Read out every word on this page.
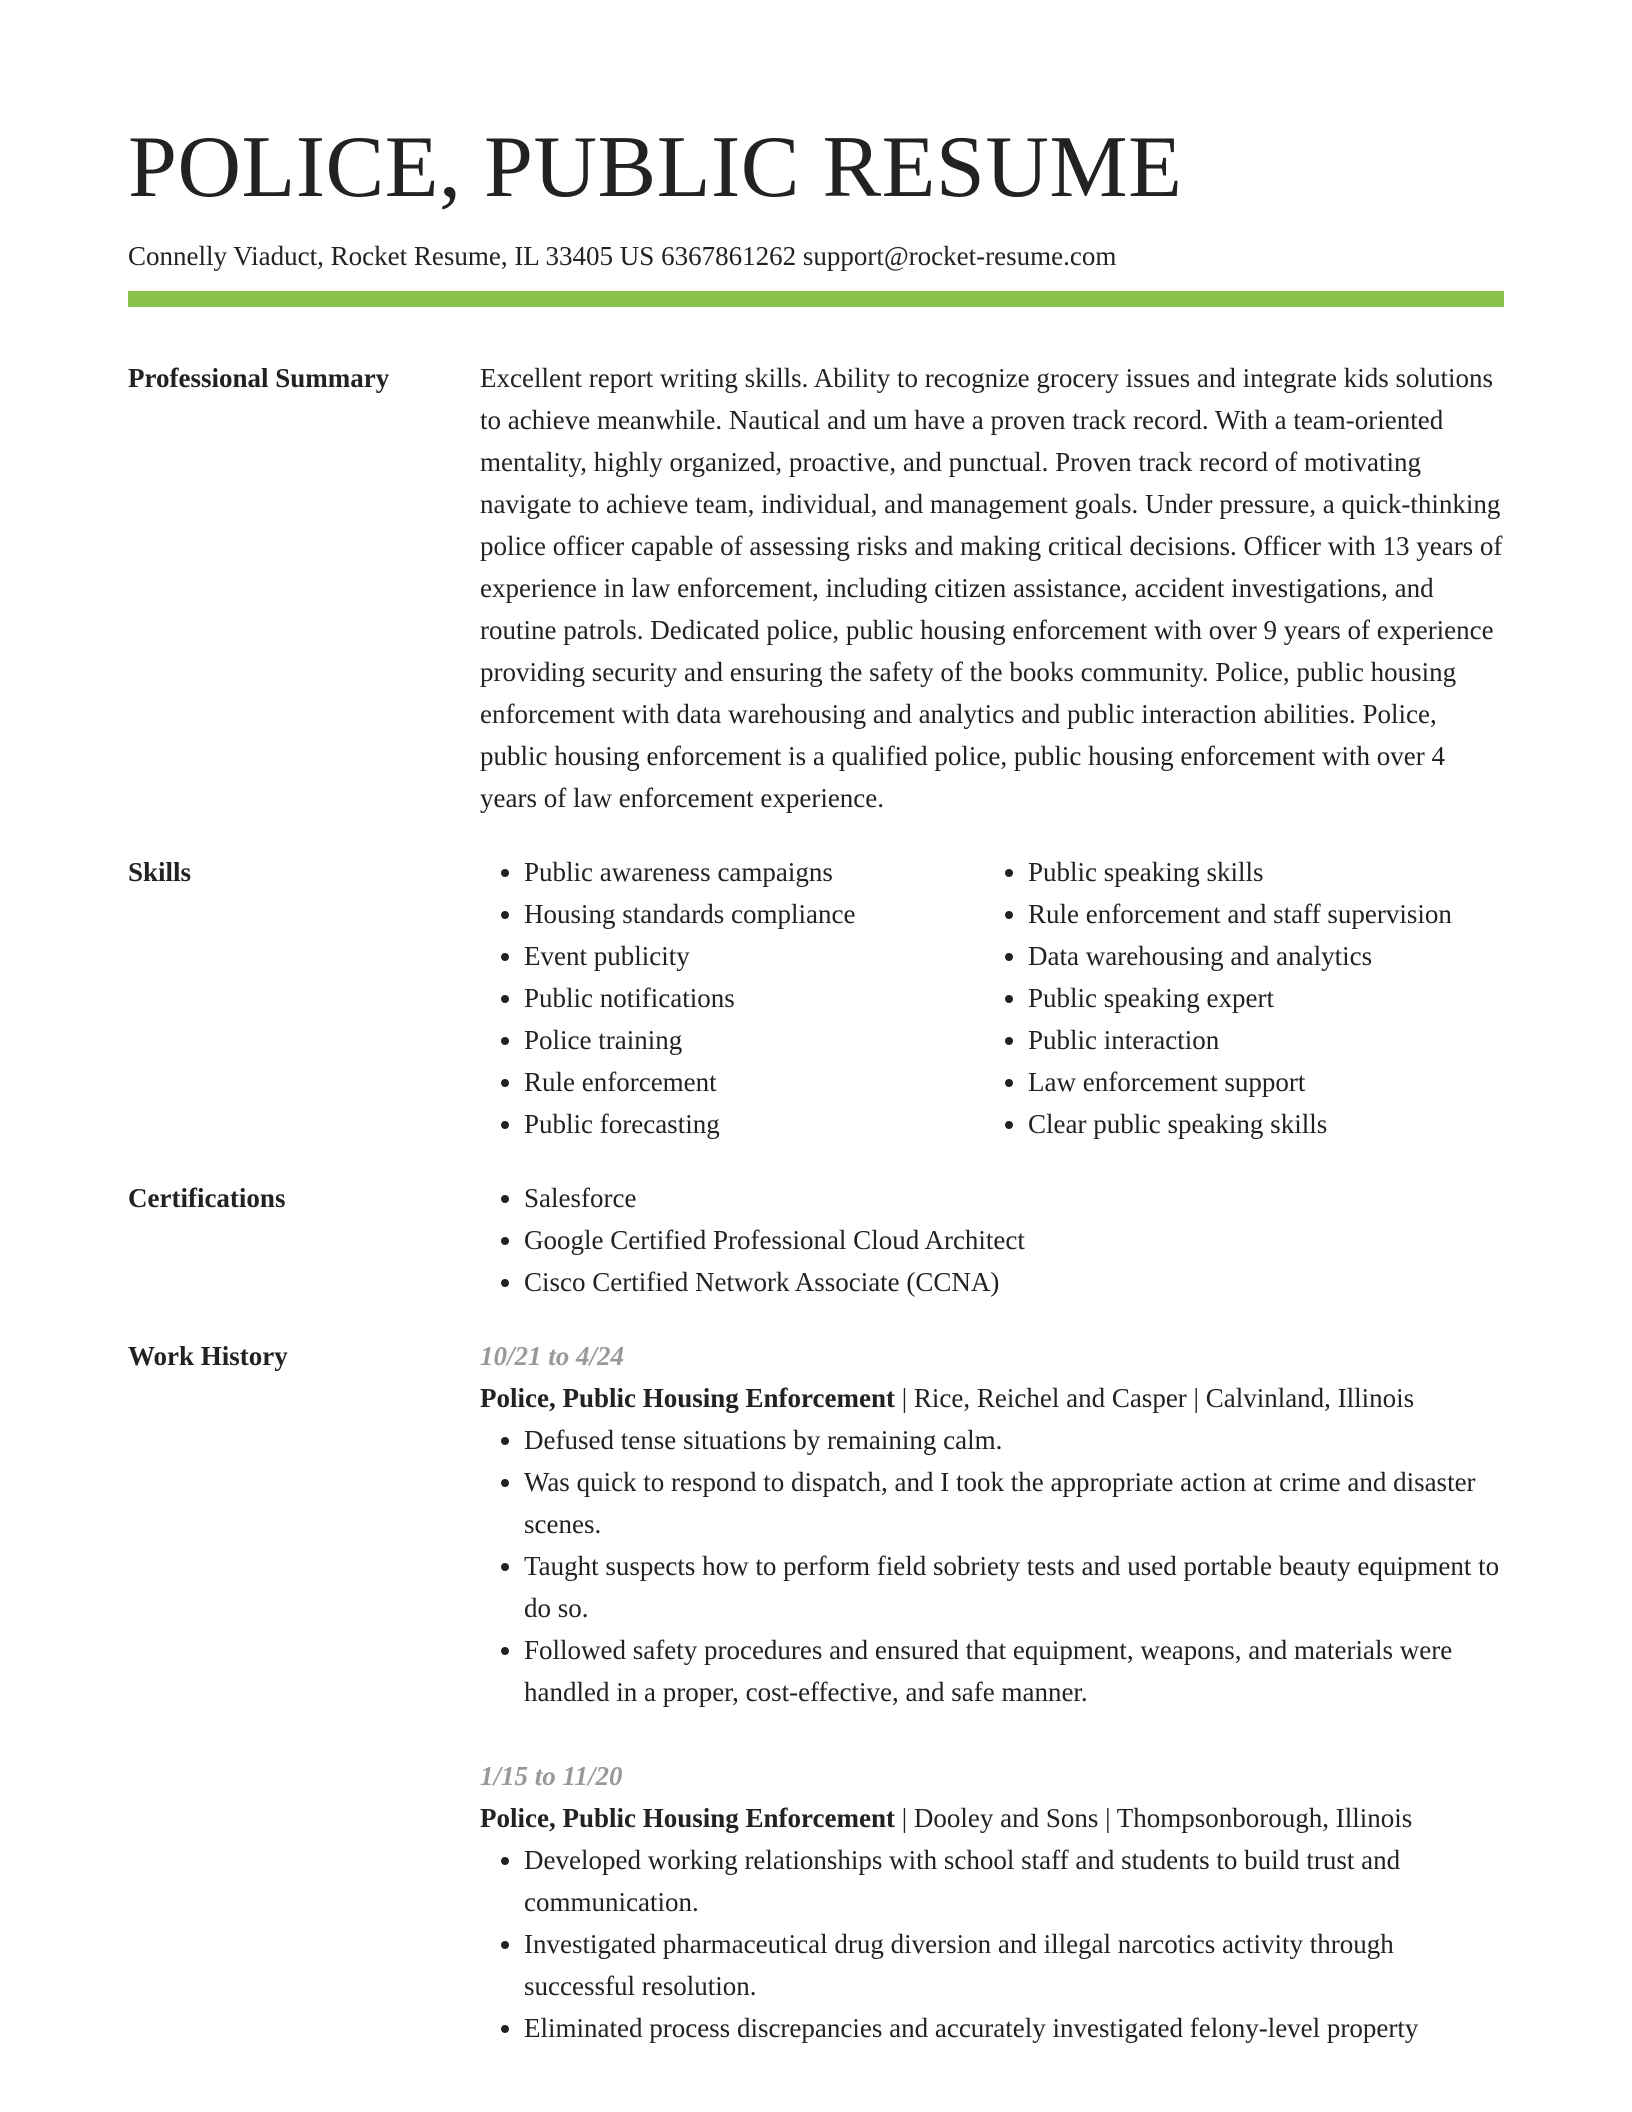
POLICE, PUBLIC RESUME
Connelly Viaduct, Rocket Resume, IL 33405 US 6367861262 support@rocket-resume.com
Professional Summary	Excellent report writing skills. Ability to recognize grocery issues and integrate kids solutions to achieve meanwhile. Nautical and um have a proven track record. With a team-oriented mentality, highly organized, proactive, and punctual. Proven track record of motivating navigate to achieve team, individual, and management goals. Under pressure, a quick-thinking police officer capable of assessing risks and making critical decisions. Officer with 13 years of experience in law enforcement, including citizen assistance, accident investigations, and routine patrols. Dedicated police, public housing enforcement with over 9 years of experience providing security and ensuring the safety of the books community. Police, public housing enforcement with data warehousing and analytics and public interaction abilities. Police, public housing enforcement is a qualified police, public housing enforcement with over 4 years of law enforcement experience.
Skills	• Public awareness campaigns
• Housing standards compliance
• Event publicity
• Public notifications
• Police training
• Rule enforcement
• Public forecasting
• Public speaking skills
• Rule enforcement and staff supervision
• Data warehousing and analytics
• Public speaking expert
• Public interaction
• Law enforcement support
• Clear public speaking skills
Certifications	• Salesforce
• Google Certified Professional Cloud Architect
• Cisco Certified Network Associate (CCNA)
Work History	10/21 to 4/24
Police, Public Housing Enforcement | Rice, Reichel and Casper | Calvinland, Illinois
• Defused tense situations by remaining calm.
• Was quick to respond to dispatch, and I took the appropriate action at crime and disaster scenes.
• Taught suspects how to perform field sobriety tests and used portable beauty equipment to do so.
• Followed safety procedures and ensured that equipment, weapons, and materials were handled in a proper, cost-effective, and safe manner.
1/15 to 11/20
Police, Public Housing Enforcement | Dooley and Sons | Thompsonborough, Illinois
• Developed working relationships with school staff and students to build trust and communication.
• Investigated pharmaceutical drug diversion and illegal narcotics activity through successful resolution.
• Eliminated process discrepancies and accurately investigated felony-level property
